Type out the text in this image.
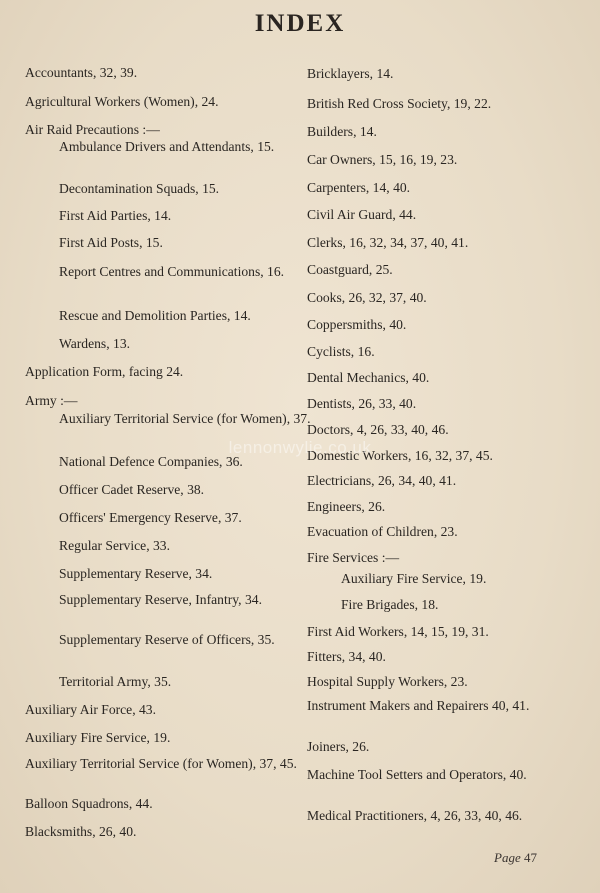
INDEX
Accountants, 32, 39.
Agricultural Workers (Women), 24.
Air Raid Precautions :—
Ambulance Drivers and Attendants, 15.
Decontamination Squads, 15.
First Aid Parties, 14.
First Aid Posts, 15.
Report Centres and Communications, 16.
Rescue and Demolition Parties, 14.
Wardens, 13.
Application Form, facing 24.
Army :—
Auxiliary Territorial Service (for Women), 37.
National Defence Companies, 36.
Officer Cadet Reserve, 38.
Officers' Emergency Reserve, 37.
Regular Service, 33.
Supplementary Reserve, 34.
Supplementary Reserve, Infantry, 34.
Supplementary Reserve of Officers, 35.
Territorial Army, 35.
Auxiliary Air Force, 43.
Auxiliary Fire Service, 19.
Auxiliary Territorial Service (for Women), 37, 45.
Balloon Squadrons, 44.
Blacksmiths, 26, 40.
Bricklayers, 14.
British Red Cross Society, 19, 22.
Builders, 14.
Car Owners, 15, 16, 19, 23.
Carpenters, 14, 40.
Civil Air Guard, 44.
Clerks, 16, 32, 34, 37, 40, 41.
Coastguard, 25.
Cooks, 26, 32, 37, 40.
Coppersmiths, 40.
Cyclists, 16.
Dental Mechanics, 40.
Dentists, 26, 33, 40.
Doctors, 4, 26, 33, 40, 46.
Domestic Workers, 16, 32, 37, 45.
Electricians, 26, 34, 40, 41.
Engineers, 26.
Evacuation of Children, 23.
Fire Services :—
Auxiliary Fire Service, 19.
Fire Brigades, 18.
First Aid Workers, 14, 15, 19, 31.
Fitters, 34, 40.
Hospital Supply Workers, 23.
Instrument Makers and Repairers 40, 41.
Joiners, 26.
Machine Tool Setters and Operators, 40.
Medical Practitioners, 4, 26, 33, 40, 46.
lennonwylie.co.uk
Page 47
